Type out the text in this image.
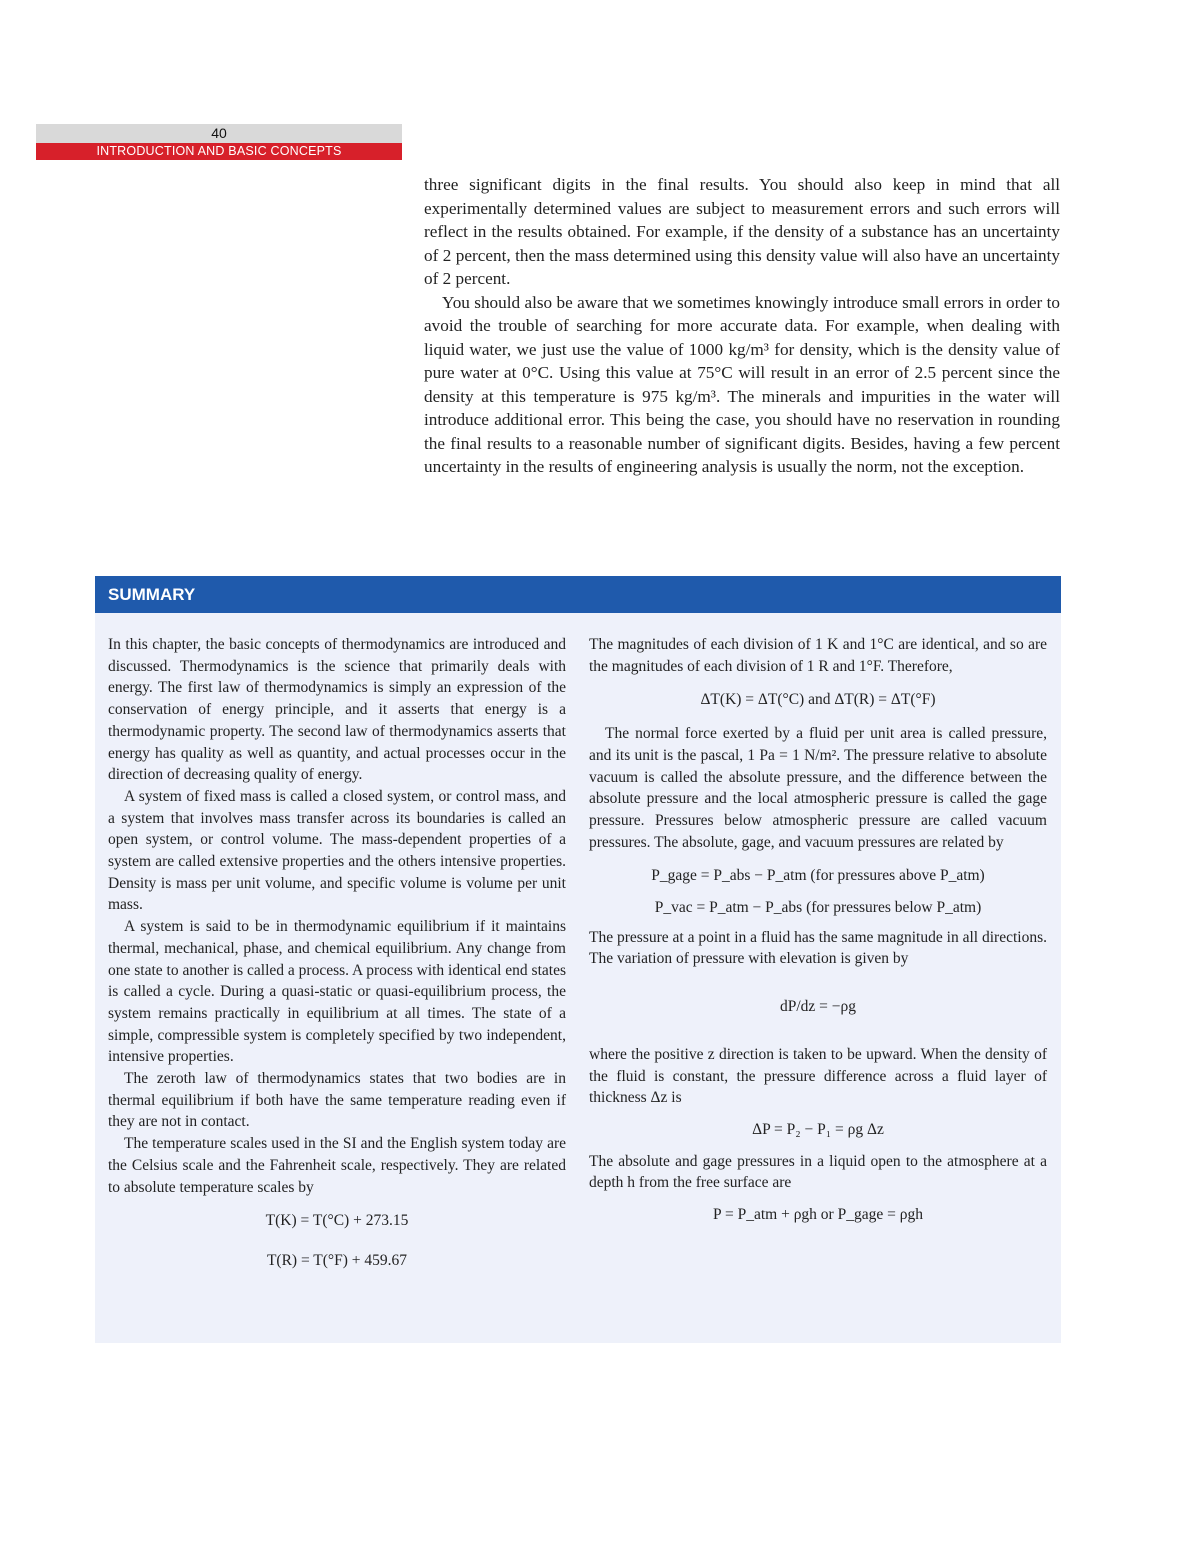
40
INTRODUCTION AND BASIC CONCEPTS

three significant digits in the final results. You should also keep in mind that all experimentally determined values are subject to measurement errors and such errors will reflect in the results obtained. For example, if the density of a substance has an uncertainty of 2 percent, then the mass determined using this density value will also have an uncertainty of 2 percent.

You should also be aware that we sometimes knowingly introduce small errors in order to avoid the trouble of searching for more accurate data. For example, when dealing with liquid water, we just use the value of 1000 kg/m³ for density, which is the density value of pure water at 0°C. Using this value at 75°C will result in an error of 2.5 percent since the density at this temperature is 975 kg/m³. The minerals and impurities in the water will introduce additional error. This being the case, you should have no reservation in rounding the final results to a reasonable number of significant digits. Besides, having a few percent uncertainty in the results of engineering analysis is usually the norm, not the exception.

SUMMARY

In this chapter, the basic concepts of thermodynamics are introduced and discussed. Thermodynamics is the science that primarily deals with energy. The first law of thermodynamics is simply an expression of the conservation of energy principle, and it asserts that energy is a thermodynamic property. The second law of thermodynamics asserts that energy has quality as well as quantity, and actual processes occur in the direction of decreasing quality of energy.

A system of fixed mass is called a closed system, or control mass, and a system that involves mass transfer across its boundaries is called an open system, or control volume. The mass-dependent properties of a system are called extensive properties and the others intensive properties. Density is mass per unit volume, and specific volume is volume per unit mass.

A system is said to be in thermodynamic equilibrium if it maintains thermal, mechanical, phase, and chemical equilibrium. Any change from one state to another is called a process. A process with identical end states is called a cycle. During a quasi-static or quasi-equilibrium process, the system remains practically in equilibrium at all times. The state of a simple, compressible system is completely specified by two independent, intensive properties.

The zeroth law of thermodynamics states that two bodies are in thermal equilibrium if both have the same temperature reading even if they are not in contact.

The temperature scales used in the SI and the English system today are the Celsius scale and the Fahrenheit scale, respectively. They are related to absolute temperature scales by

T(K) = T(°C) + 273.15
T(R) = T(°F) + 459.67

The magnitudes of each division of 1 K and 1°C are identical, and so are the magnitudes of each division of 1 R and 1°F. Therefore,

ΔT(K) = ΔT(°C) and ΔT(R) = ΔT(°F)

The normal force exerted by a fluid per unit area is called pressure, and its unit is the pascal, 1 Pa = 1 N/m². The pressure relative to absolute vacuum is called the absolute pressure, and the difference between the absolute pressure and the local atmospheric pressure is called the gage pressure. Pressures below atmospheric pressure are called vacuum pressures. The absolute, gage, and vacuum pressures are related by

P_gage = P_abs − P_atm (for pressures above P_atm)
P_vac = P_atm − P_abs (for pressures below P_atm)

The pressure at a point in a fluid has the same magnitude in all directions. The variation of pressure with elevation is given by

dP/dz = −ρg

where the positive z direction is taken to be upward. When the density of the fluid is constant, the pressure difference across a fluid layer of thickness Δz is

ΔP = P₂ − P₁ = ρg Δz

The absolute and gage pressures in a liquid open to the atmosphere at a depth h from the free surface are

P = P_atm + ρgh or P_gage = ρgh
